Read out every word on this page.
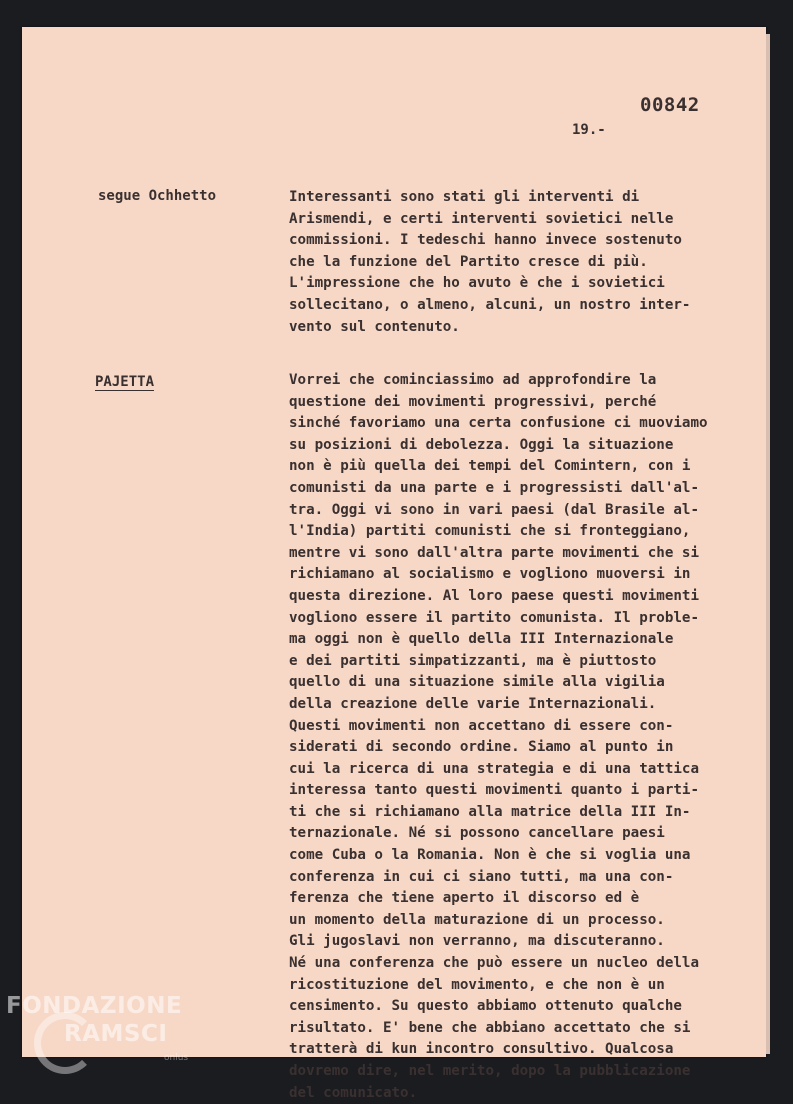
00842
19.-
segue Ochhetto	Interessanti sono stati gli interventi di
Arismendi, e certi interventi sovietici nelle
commissioni. I tedeschi hanno invece sostenuto
che la funzione del Partito cresce di più.
L'impressione che ho avuto è che i sovietici
sollecitano, o almeno, alcuni, un nostro inter-
vento sul contenuto.
PAJETTA	Vorrei che cominciassimo ad approfondire la
questione dei movimenti progressivi, perché
sinché favoriamo una certa confusione ci muoviamo
su posizioni di debolezza. Oggi la situazione
non è più quella dei tempi del Comintern, con i
comunisti da una parte e i progressisti dall'al-
tra. Oggi vi sono in vari paesi (dal Brasile al-
l'India) partiti comunisti che si fronteggiano,
mentre vi sono dall'altra parte movimenti che si
richiamano al socialismo e vogliono muoversi in
questa direzione. Al loro paese questi movimenti
vogliono essere il partito comunista. Il proble-
ma oggi non è quello della III Internazionale
e dei partiti simpatizzanti, ma è piuttosto
quello di una situazione simile alla vigilia
della creazione delle varie Internazionali.
Questi movimenti non accettano di essere con-
siderati di secondo ordine. Siamo al punto in
cui la ricerca di una strategia e di una tattica
interessa tanto questi movimenti quanto i parti-
ti che si richiamano alla matrice della III In-
ternazionale. Né si possono cancellare paesi
come Cuba o la Romania. Non è che si voglia una
conferenza in cui ci siano tutti, ma una con-
ferenza che tiene aperto il discorso ed è
un momento della maturazione di un processo.
Gli jugoslavi non verranno, ma discuteranno.
Né una conferenza che può essere un nucleo della
ricostituzione del movimento, e che non è un
censimento. Su questo abbiamo ottenuto qualche
risultato. E' bene che abbiano accettato che si
tratterà di kun incontro consultivo. Qualcosa
dovremo dire, nel merito, dopo la pubblicazione
del comunicato.
FONDAZIONE
RAMSCI
onlus
